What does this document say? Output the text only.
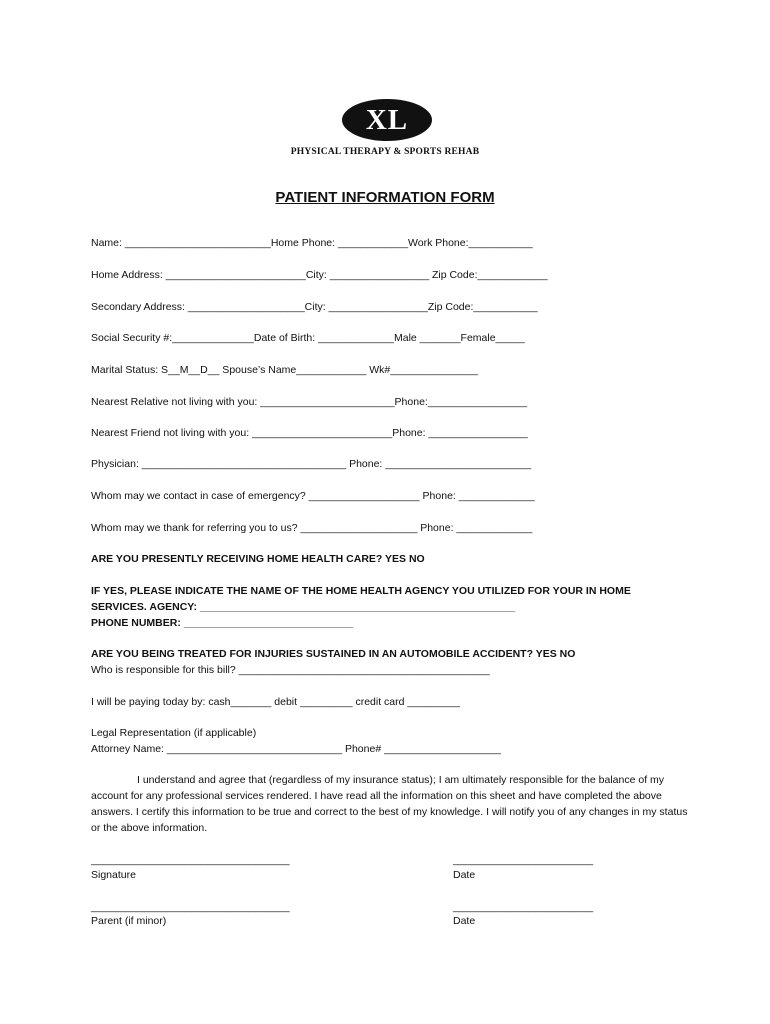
XL
PHYSICAL THERAPY & SPORTS REHAB
PATIENT INFORMATION FORM
Name: _________________________Home Phone: ____________Work Phone:___________
Home Address: ________________________City: _________________ Zip Code:____________
Secondary Address: ____________________City: _________________Zip Code:___________
Social Security #:______________Date of Birth: _____________Male _______Female_____
Marital Status: S__M__D__ Spouse’s Name____________ Wk#_______________
Nearest Relative not living with you: _______________________Phone:_________________
Nearest Friend not living with you: ________________________Phone: _________________
Physician: ___________________________________ Phone: _________________________
Whom may we contact in case of emergency? ___________________ Phone: _____________
Whom may we thank for referring you to us? ____________________ Phone: _____________
ARE YOU PRESENTLY RECEIVING HOME HEALTH CARE? YES NO
IF YES, PLEASE INDICATE THE NAME OF THE HOME HEALTH AGENCY YOU UTILIZED FOR YOUR IN HOME
SERVICES. AGENCY: ______________________________________________________
PHONE NUMBER: _____________________________
ARE YOU BEING TREATED FOR INJURIES SUSTAINED IN AN AUTOMOBILE ACCIDENT? YES NO
Who is responsible for this bill? ___________________________________________
I will be paying today by: cash_______ debit _________ credit card _________
Legal Representation (if applicable)
Attorney Name: ______________________________ Phone# ____________________
I understand and agree that (regardless of my insurance status); I am ultimately responsible for the balance of my account for any professional services rendered. I have read all the information on this sheet and have completed the above answers. I certify this information to be true and correct to the best of my knowledge. I will notify you of any changes in my status or the above information.
__________________________________	________________________
Signature	Date
__________________________________	________________________
Parent (if minor)	Date
